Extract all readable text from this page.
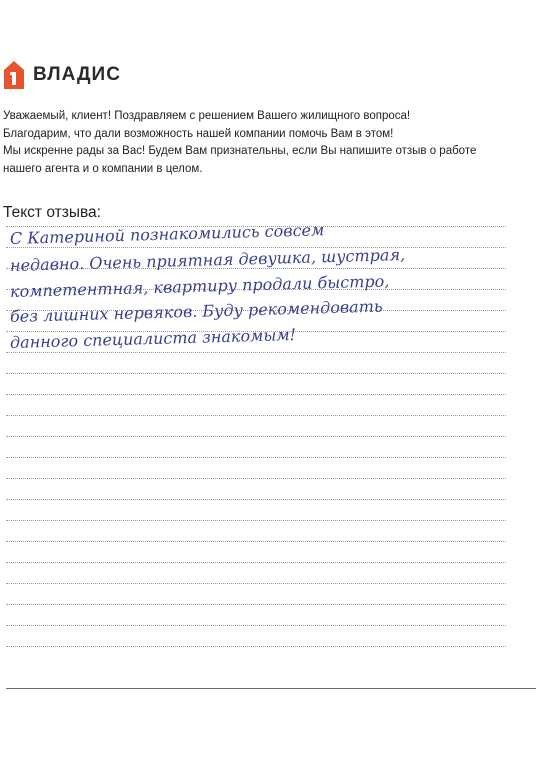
ВЛАДИС
Уважаемый, клиент! Поздравляем с решением Вашего жилищного вопроса!
Благодарим, что дали возможность нашей компании помочь Вам в этом!
Мы искренне рады за Вас! Будем Вам признательны, если Вы напишите отзыв о работе
нашего агента и о компании в целом.
Текст отзыва:
С Катериной познакомились совсем
недавно. Очень приятная девушка, шустрая,
компетентная, квартиру продали быстро,
без лишних нервяков. Буду рекомендовать
данного специалиста знакомым!
